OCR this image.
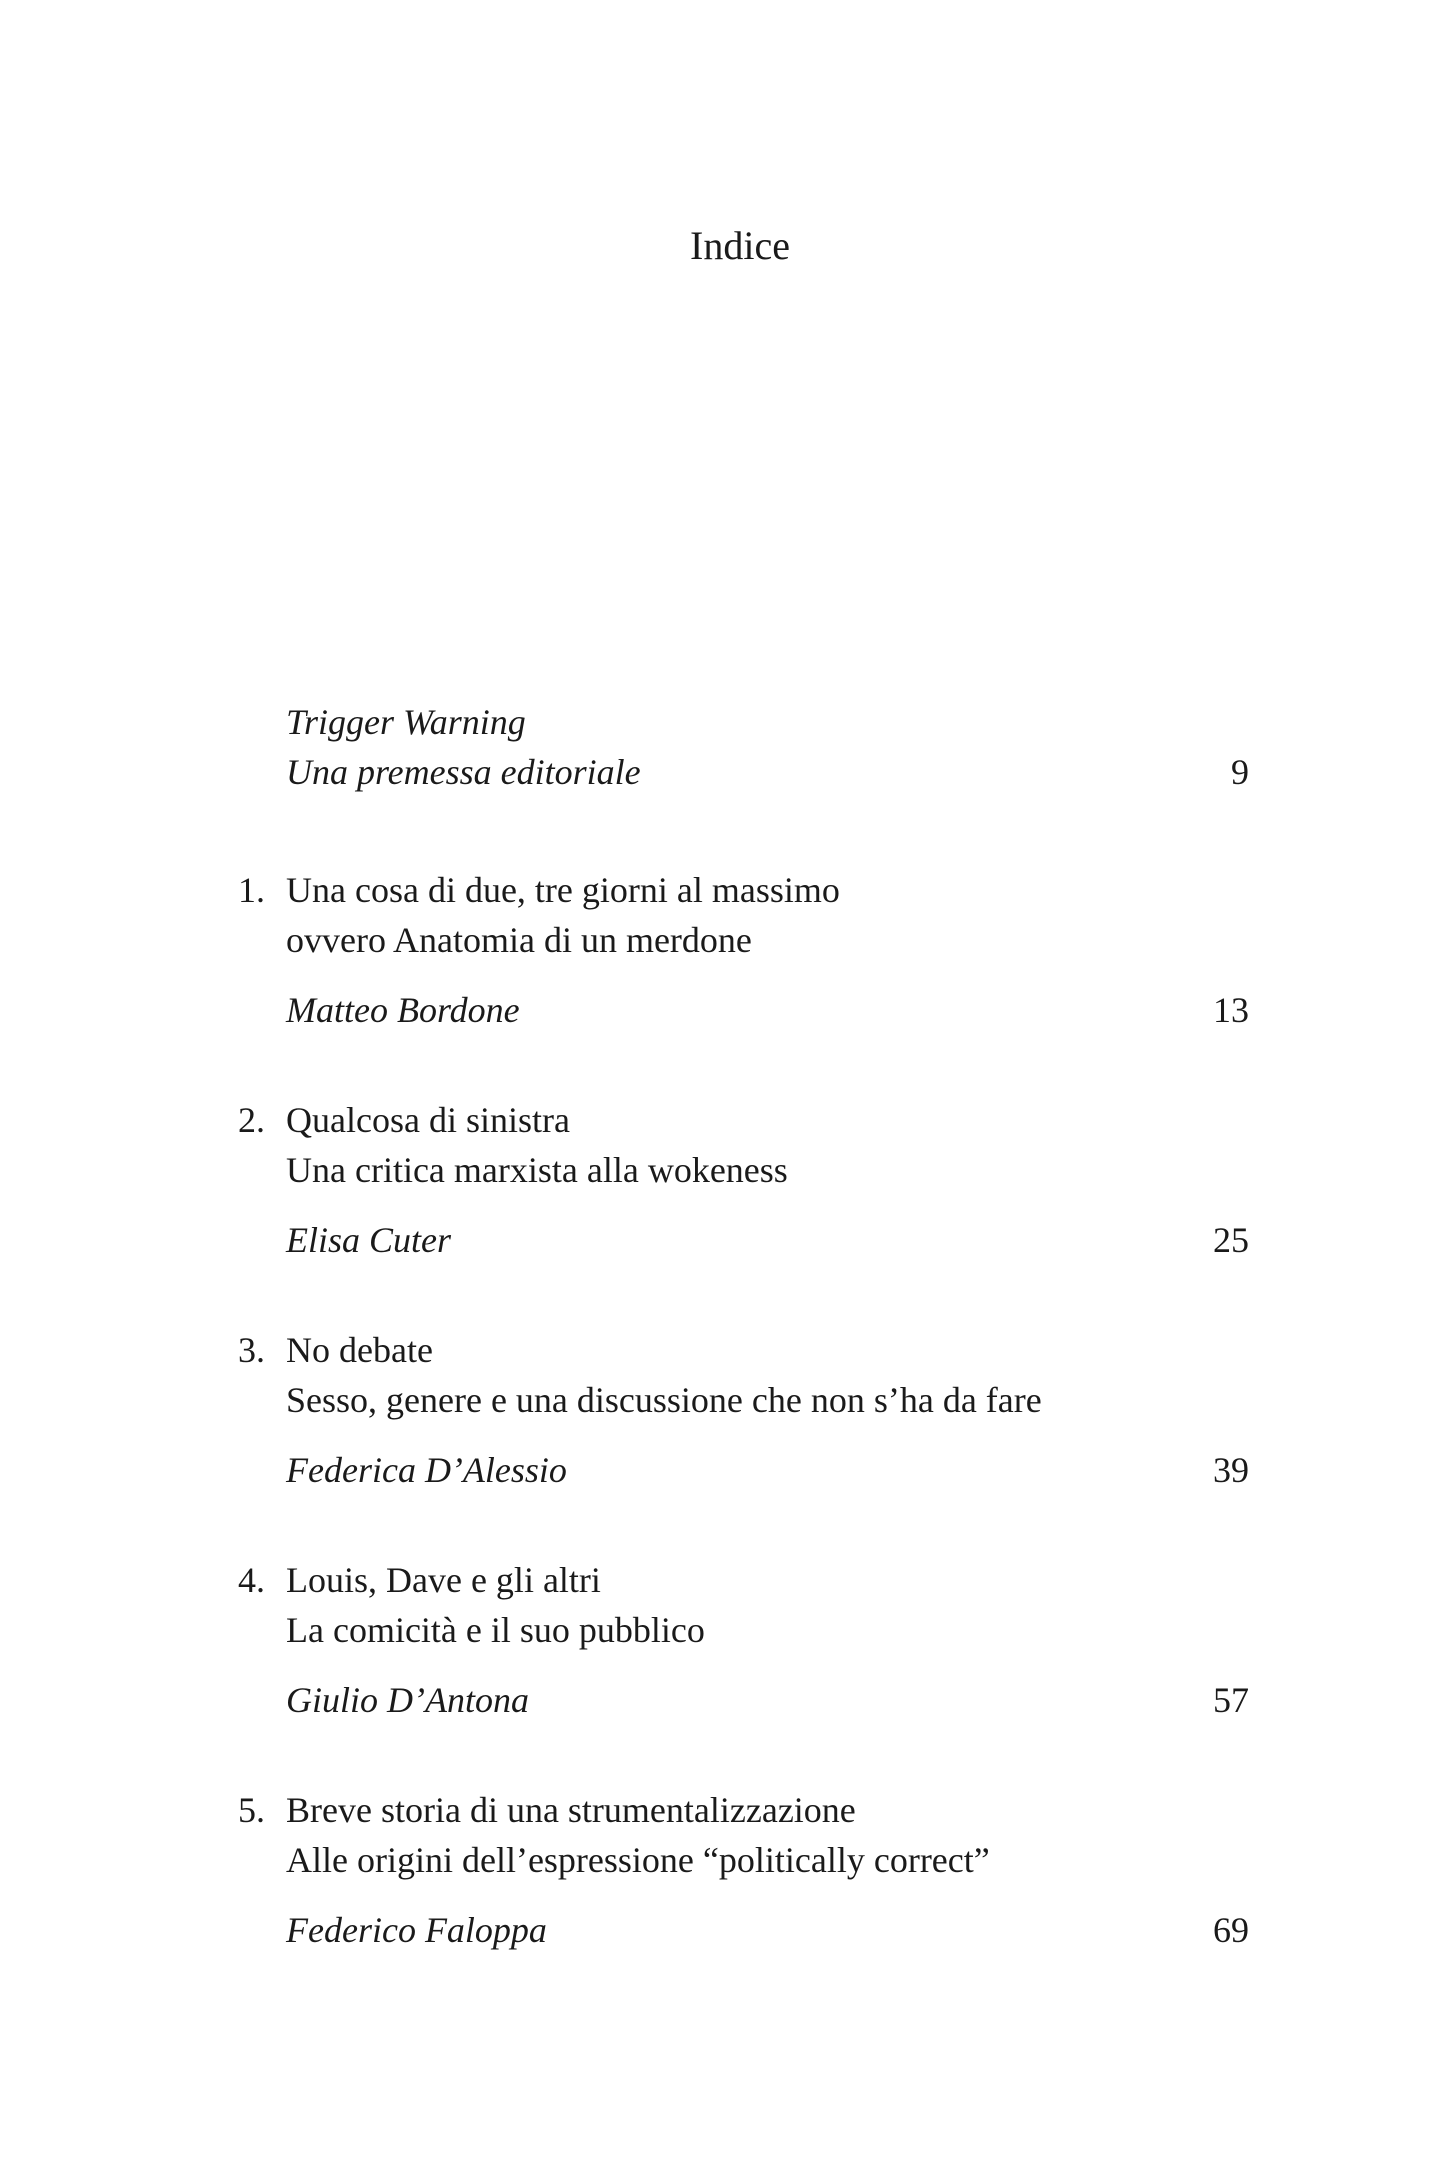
Indice
Trigger Warning
Una premessa editoriale	9
1. Una cosa di due, tre giorni al massimo
ovvero Anatomia di un merdone
Matteo Bordone	13
2. Qualcosa di sinistra
Una critica marxista alla wokeness
Elisa Cuter	25
3. No debate
Sesso, genere e una discussione che non s’ha da fare
Federica D’Alessio	39
4. Louis, Dave e gli altri
La comicità e il suo pubblico
Giulio D’Antona	57
5. Breve storia di una strumentalizzazione
Alle origini dell’espressione “politically correct”
Federico Faloppa	69
